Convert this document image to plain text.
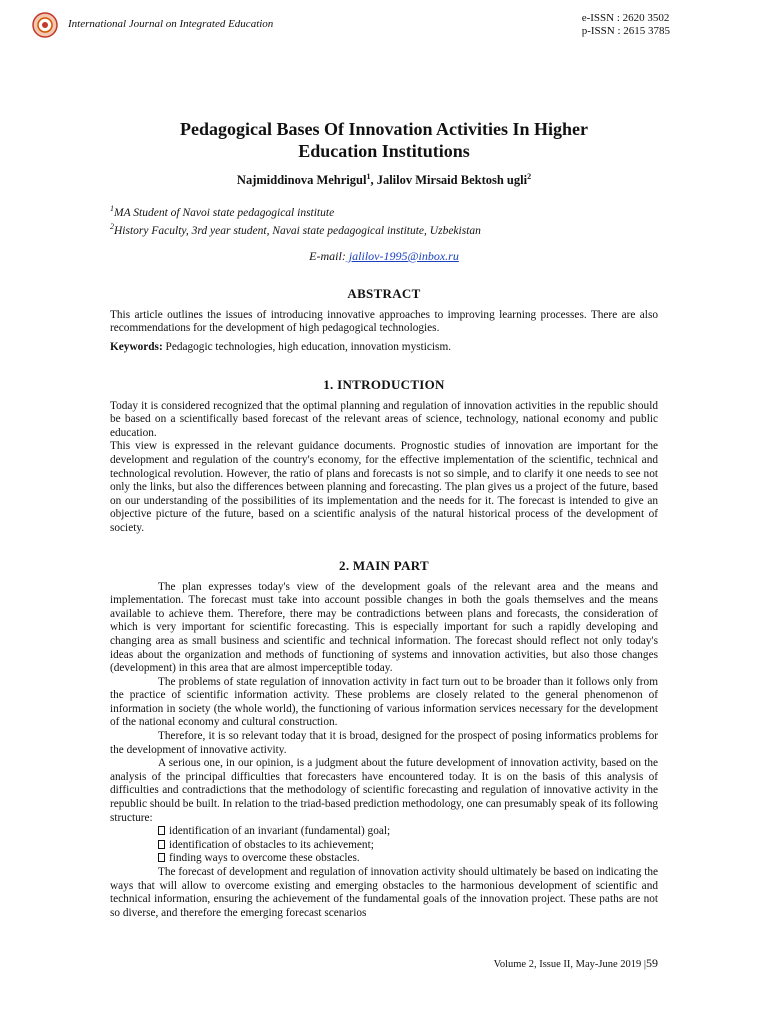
International Journal on Integrated Education	e-ISSN : 2620 3502
p-ISSN : 2615 3785
Pedagogical Bases Of Innovation Activities In Higher
Education Institutions
Najmiddinova Mehrigul$^1$, Jalilov Mirsaid Bektosh ugli$^2$
$^1$MA Student of Navoi state pedagogical institute
$^2$History Faculty, 3rd year student, Navai state pedagogical institute, Uzbekistan
E-mail: jalilov-1995@inbox.ru
ABSTRACT

This article outlines the issues of introducing innovative approaches to improving learning processes. There are also recommendations for the development of high pedagogical technologies.

Keywords: Pedagogic technologies, high education, innovation mysticism.

1. INTRODUCTION

Today it is considered recognized that the optimal planning and regulation of innovation activities in the republic should be based on a scientifically based forecast of the relevant areas of science, technology, national economy and public education.

This view is expressed in the relevant guidance documents. Prognostic studies of innovation are important for the development and regulation of the country's economy, for the effective implementation of the scientific, technical and technological revolution. However, the ratio of plans and forecasts is not so simple, and to clarify it one needs to see not only the links, but also the differences between planning and forecasting. The plan gives us a project of the future, based on our understanding of the possibilities of its implementation and the needs for it. The forecast is intended to give an objective picture of the future, based on a scientific analysis of the natural historical process of the development of society.

2. MAIN PART

The plan expresses today's view of the development goals of the relevant area and the means and implementation. The forecast must take into account possible changes in both the goals themselves and the means available to achieve them. Therefore, there may be contradictions between plans and forecasts, the consideration of which is very important for scientific forecasting. This is especially important for such a rapidly developing and changing area as small business and scientific and technical information. The forecast should reflect not only today's ideas about the organization and methods of functioning of systems and innovation activities, but also those changes (development) in this area that are almost imperceptible today.

The problems of state regulation of innovation activity in fact turn out to be broader than it follows only from the practice of scientific information activity. These problems are closely related to the general phenomenon of information in society (the whole world), the functioning of various information services necessary for the development of the national economy and cultural construction.

Therefore, it is so relevant today that it is broad, designed for the prospect of posing informatics problems for the development of innovative activity.

A serious one, in our opinion, is a judgment about the future development of innovation activity, based on the analysis of the principal difficulties that forecasters have encountered today. It is on the basis of this analysis of difficulties and contradictions that the methodology of scientific forecasting and regulation of innovative activity in the republic should be built. In relation to the triad-based prediction methodology, one can presumably speak of its following structure:

identification of an invariant (fundamental) goal;
identification of obstacles to its achievement;
finding ways to overcome these obstacles.

The forecast of development and regulation of innovation activity should ultimately be based on indicating the ways that will allow to overcome existing and emerging obstacles to the harmonious development of scientific and technical information, ensuring the achievement of the fundamental goals of the innovation project. These paths are not so diverse, and therefore the emerging forecast scenarios

Volume 2, Issue II, May-June 2019 |59
